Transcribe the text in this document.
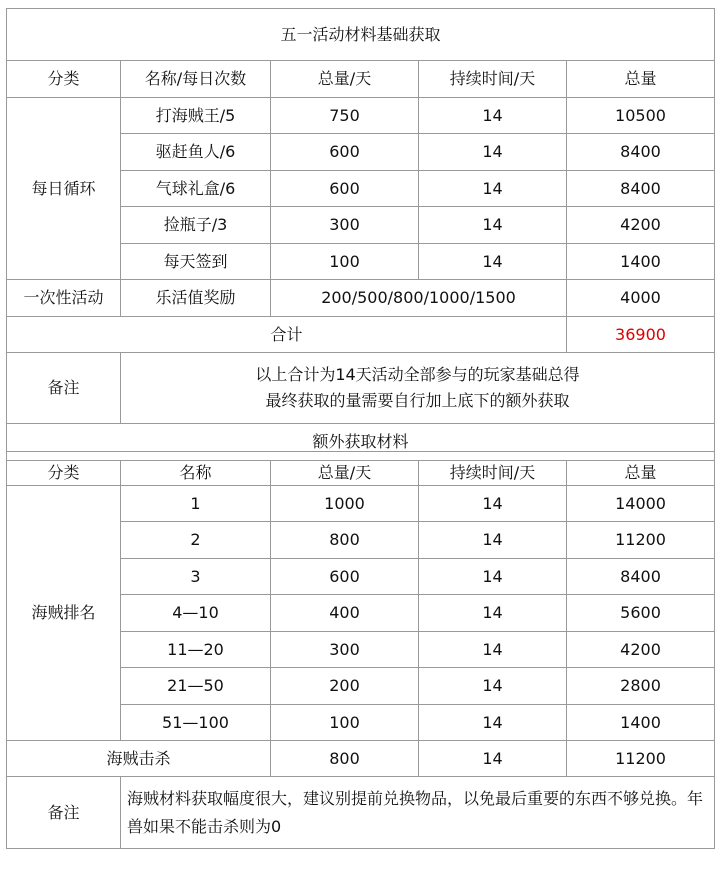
五一活动材料基础获取				
分类	名称/每日次数	总量/天	持续时间/天	总量
每日循环	打海贼王/5	750	14	10500
	驱赶鱼人/6	600	14	8400
	气球礼盒/6	600	14	8400
	捡瓶子/3	300	14	4200
	每天签到	100	14	1400
一次性活动	乐活值奖励	200/500/800/1000/1500		4000
合计				36900
备注	以上合计为14天活动全部参与的玩家基础总得
最终获取的量需要自行加上底下的额外获取			

额外获取材料				
分类	名称	总量/天	持续时间/天	总量
海贼排名	1	1000	14	14000
	2	800	14	11200
	3	600	14	8400
	4—10	400	14	5600
	11—20	300	14	4200
	21—50	200	14	2800
	51—100	100	14	1400
海贼击杀		800	14	11200
备注	海贼材料获取幅度很大，建议别提前兑换物品，以免最后重要的东西不够兑换。年兽如果不能击杀则为0			
